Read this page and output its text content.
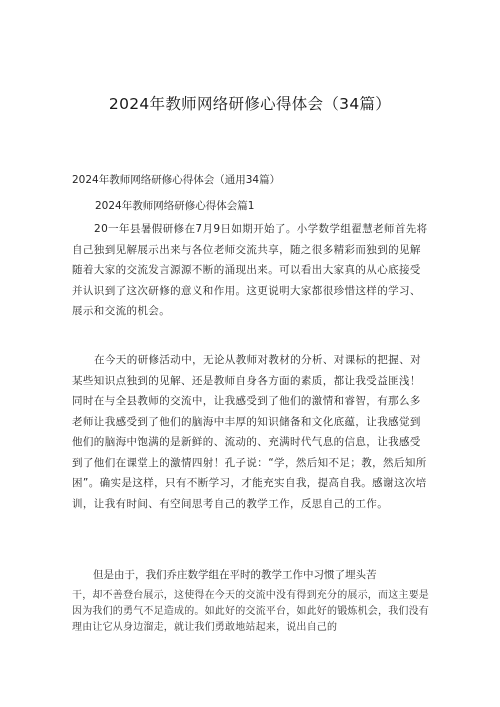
2024年教师网络研修心得体会（34篇）
2024年教师网络研修心得体会（通用34篇）
2024年教师网络研修心得体会篇1
20一年县暑假研修在7月9日如期开始了。小学数学组翟慧老师首先将自己独到见解展示出来与各位老师交流共享，随之很多精彩而独到的见解随着大家的交流发言源源不断的涌现出来。可以看出大家真的从心底接受并认识到了这次研修的意义和作用。这更说明大家都很珍惜这样的学习、展示和交流的机会。
在今天的研修活动中，无论从教师对教材的分析、对课标的把握、对某些知识点独到的见解、还是教师自身各方面的素质，都让我受益匪浅！同时在与全县教师的交流中，让我感受到了他们的激情和睿智，有那么多老师让我感受到了他们的脑海中丰厚的知识储备和文化底蕴，让我感觉到他们的脑海中饱满的是新鲜的、流动的、充满时代气息的信息，让我感受到了他们在课堂上的激情四射！孔子说：“学，然后知不足；教，然后知所困”。确实是这样，只有不断学习，才能充实自我，提高自我。感谢这次培训，让我有时间、有空间思考自己的教学工作，反思自己的工作。
但是由于，我们乔庄数学组在平时的教学工作中习惯了埋头苦
干，却不善登台展示，这使得在今天的交流中没有得到充分的展示，而这主要是因为我们的勇气不足造成的。如此好的交流平台，如此好的锻炼机会，我们没有理由让它从身边溜走，就让我们勇敢地站起来，说出自己的
